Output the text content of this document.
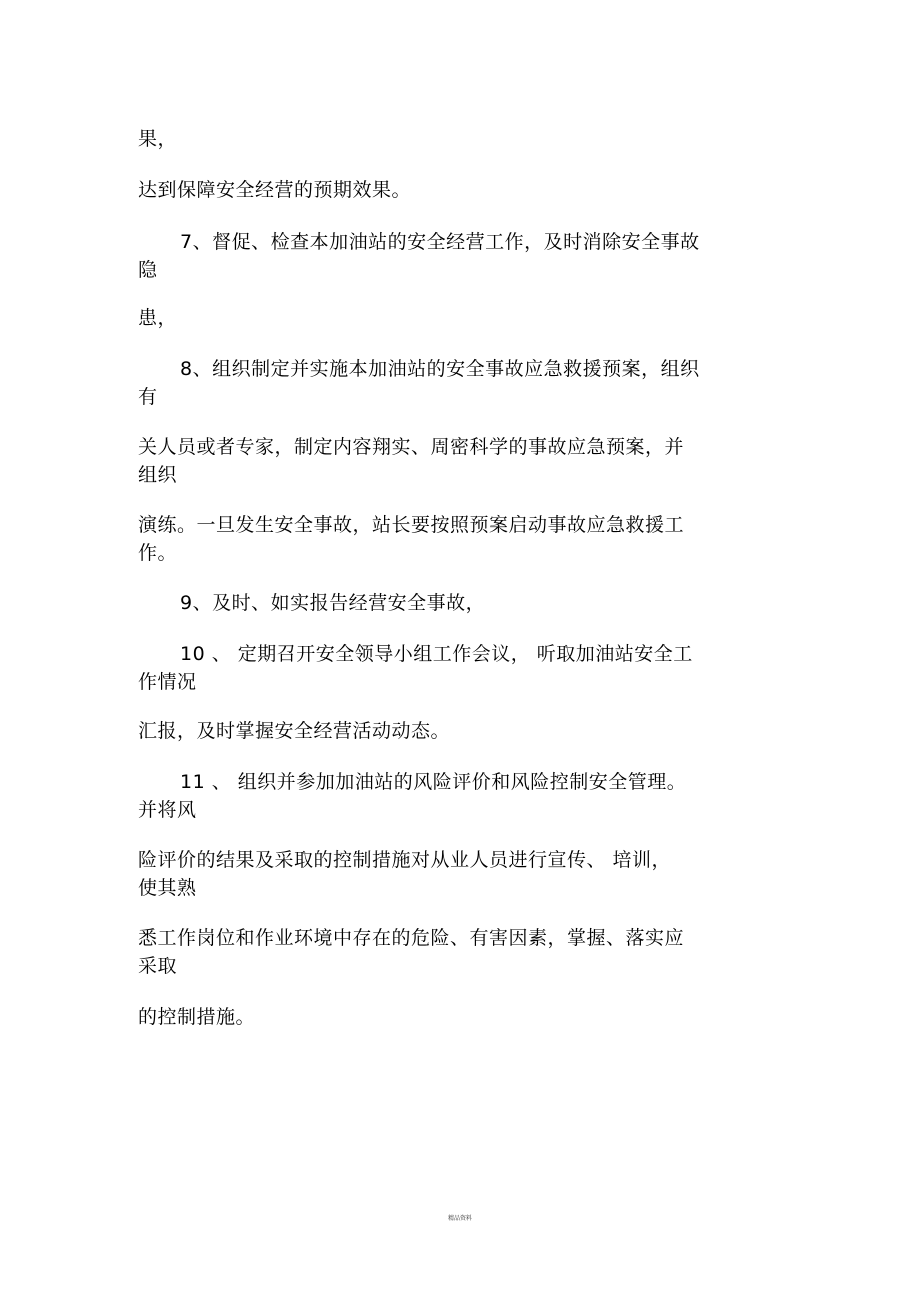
果，
达到保障安全经营的预期效果。
7、督促、检查本加油站的安全经营工作，及时消除安全事故
隐
患，
8、组织制定并实施本加油站的安全事故应急救援预案，组织
有
关人员或者专家，制定内容翔实、周密科学的事故应急预案，并
组织
演练。一旦发生安全事故，站长要按照预案启动事故应急救援工
作。
9、及时、如实报告经营安全事故，
10 、 定期召开安全领导小组工作会议， 听取加油站安全工
作情况
汇报，及时掌握安全经营活动动态。
11 、 组织并参加加油站的风险评价和风险控制安全管理。
并将风
险评价的结果及采取的控制措施对从业人员进行宣传、 培训，
使其熟
悉工作岗位和作业环境中存在的危险、有害因素，掌握、落实应
采取
的控制措施。
精品资料
